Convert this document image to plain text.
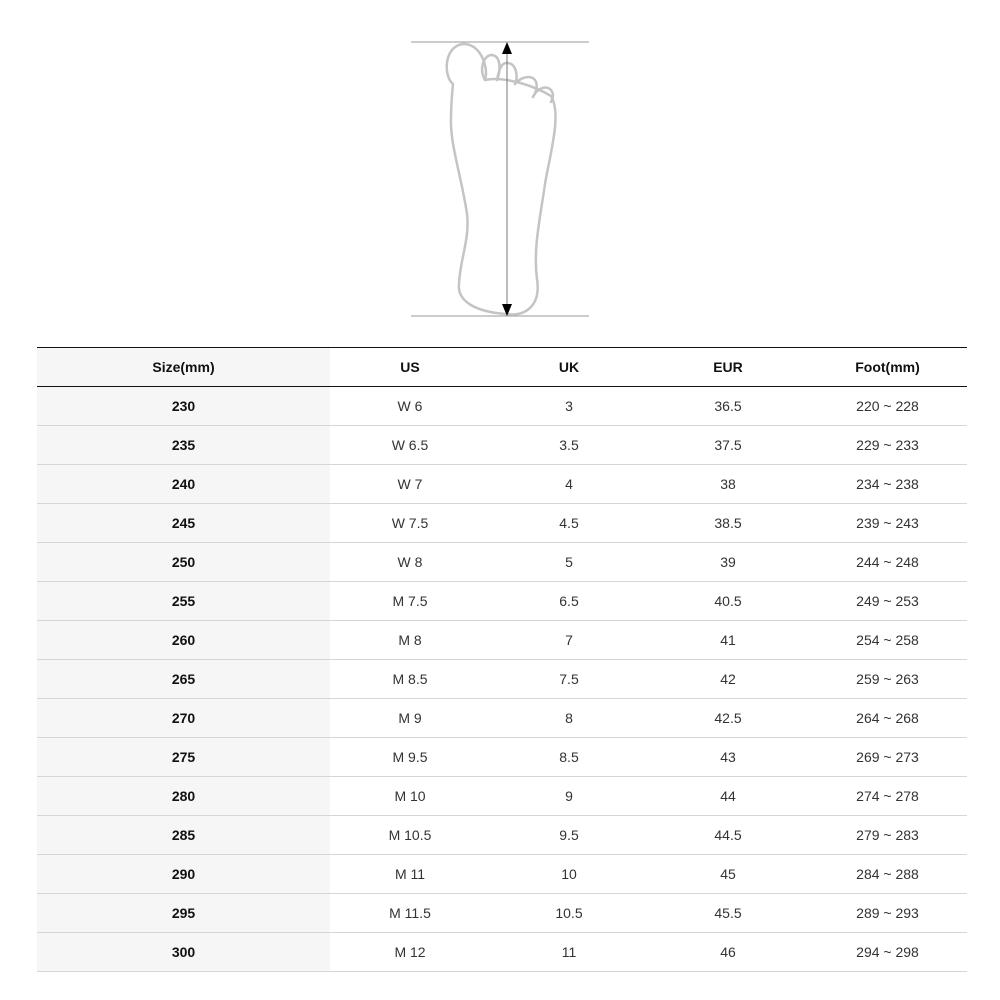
Size(mm)	US	UK	EUR	Foot(mm)
230	W 6	3	36.5	220 ~ 228
235	W 6.5	3.5	37.5	229 ~ 233
240	W 7	4	38	234 ~ 238
245	W 7.5	4.5	38.5	239 ~ 243
250	W 8	5	39	244 ~ 248
255	M 7.5	6.5	40.5	249 ~ 253
260	M 8	7	41	254 ~ 258
265	M 8.5	7.5	42	259 ~ 263
270	M 9	8	42.5	264 ~ 268
275	M 9.5	8.5	43	269 ~ 273
280	M 10	9	44	274 ~ 278
285	M 10.5	9.5	44.5	279 ~ 283
290	M 11	10	45	284 ~ 288
295	M 11.5	10.5	45.5	289 ~ 293
300	M 12	11	46	294 ~ 298
